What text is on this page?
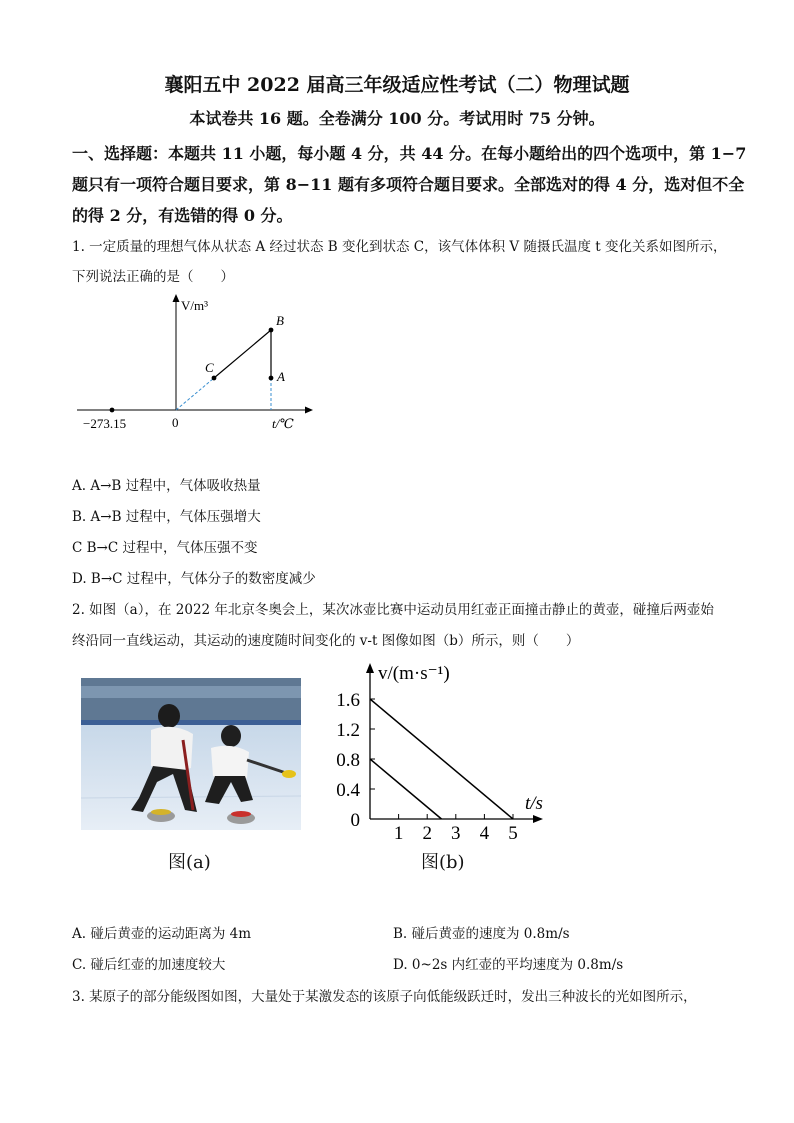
襄阳五中 2022 届高三年级适应性考试（二）物理试题
本试卷共 16 题。全卷满分 100 分。考试用时 75 分钟。
一、选择题：本题共 11 小题，每小题 4 分，共 44 分。在每小题给出的四个选项中，第 1−7
题只有一项符合题目要求，第 8−11 题有多项符合题目要求。全部选对的得 4 分，选对但不全
的得 2 分，有选错的得 0 分。
1. 一定质量的理想气体从状态 A 经过状态 B 变化到状态 C，该气体体积 V 随摄氏温度 t 变化关系如图所示，
下列说法正确的是（　　）
V/m³
t/℃
0
−273.15
C
B
A
A. A→B 过程中，气体吸收热量
B. A→B 过程中，气体压强增大
C B→C 过程中，气体压强不变
D. B→C 过程中，气体分子的数密度减少
2. 如图（a），在 2022 年北京冬奥会上，某次冰壶比赛中运动员用红壶正面撞击静止的黄壶，碰撞后两壶始
终沿同一直线运动，其运动的速度随时间变化的 v-t 图像如图（b）所示，则（　　）
图(a)
v/(m·s⁻¹)
t/s
1 2 3 4 5
0
0.4
0.8
1.2
1.6
图(b)
A. 碰后黄壶的运动距离为 4m	B. 碰后黄壶的速度为 0.8m/s
C. 碰后红壶的加速度较大	D. 0~2s 内红壶的平均速度为 0.8m/s
3. 某原子的部分能级图如图，大量处于某激发态的该原子向低能级跃迁时，发出三种波长的光如图所示，
